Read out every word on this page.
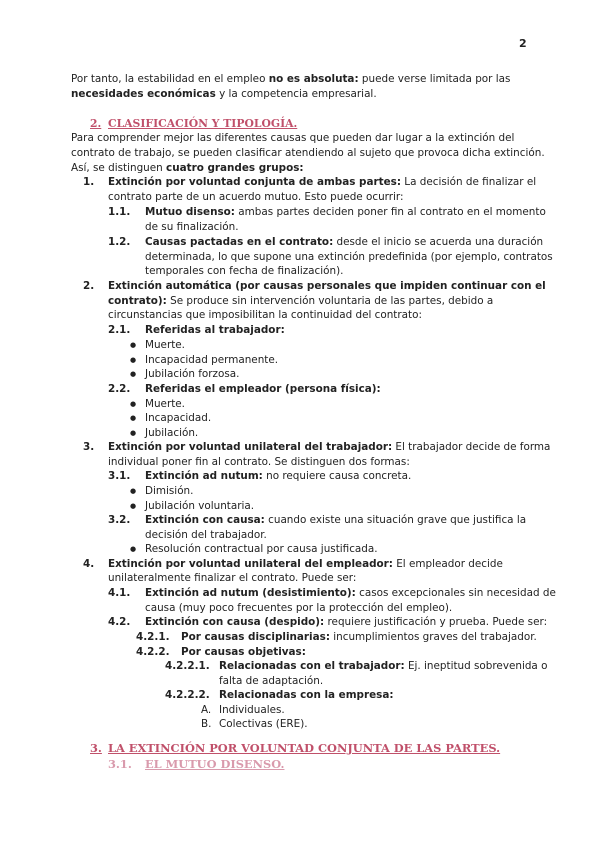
2
Por tanto, la estabilidad en el empleo no es absoluta: puede verse limitada por las
necesidades económicas y la competencia empresarial.
2. CLASIFICACIÓN Y TIPOLOGÍA.
Para comprender mejor las diferentes causas que pueden dar lugar a la extinción del
contrato de trabajo, se pueden clasificar atendiendo al sujeto que provoca dicha extinción.
Así, se distinguen cuatro grandes grupos:
1. Extinción por voluntad conjunta de ambas partes: La decisión de finalizar el
contrato parte de un acuerdo mutuo. Esto puede ocurrir:
1.1. Mutuo disenso: ambas partes deciden poner fin al contrato en el momento
de su finalización.
1.2. Causas pactadas en el contrato: desde el inicio se acuerda una duración
determinada, lo que supone una extinción predefinida (por ejemplo, contratos
temporales con fecha de finalización).
2. Extinción automática (por causas personales que impiden continuar con el
contrato): Se produce sin intervención voluntaria de las partes, debido a
circunstancias que imposibilitan la continuidad del contrato:
2.1. Referidas al trabajador:
● Muerte.
● Incapacidad permanente.
● Jubilación forzosa.
2.2. Referidas el empleador (persona física):
● Muerte.
● Incapacidad.
● Jubilación.
3. Extinción por voluntad unilateral del trabajador: El trabajador decide de forma
individual poner fin al contrato. Se distinguen dos formas:
3.1. Extinción ad nutum: no requiere causa concreta.
● Dimisión.
● Jubilación voluntaria.
3.2. Extinción con causa: cuando existe una situación grave que justifica la
decisión del trabajador.
● Resolución contractual por causa justificada.
4. Extinción por voluntad unilateral del empleador: El empleador decide
unilateralmente finalizar el contrato. Puede ser:
4.1. Extinción ad nutum (desistimiento): casos excepcionales sin necesidad de
causa (muy poco frecuentes por la protección del empleo).
4.2. Extinción con causa (despido): requiere justificación y prueba. Puede ser:
4.2.1. Por causas disciplinarias: incumplimientos graves del trabajador.
4.2.2. Por causas objetivas:
4.2.2.1. Relacionadas con el trabajador: Ej. ineptitud sobrevenida o
falta de adaptación.
4.2.2.2. Relacionadas con la empresa:
A. Individuales.
B. Colectivas (ERE).
3. LA EXTINCIÓN POR VOLUNTAD CONJUNTA DE LAS PARTES.
3.1. EL MUTUO DISENSO.
